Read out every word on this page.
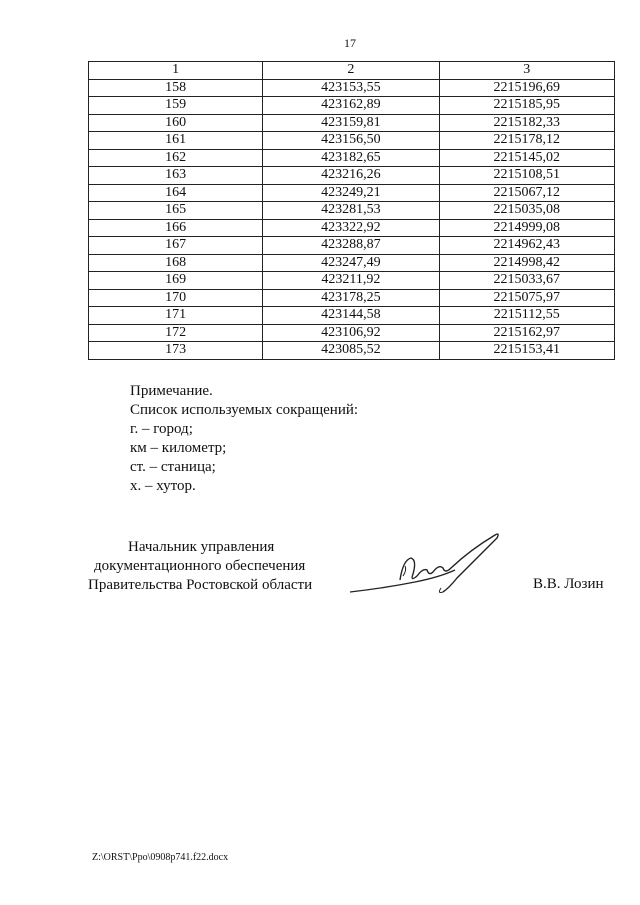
17
1	2	3
158	423153,55	2215196,69
159	423162,89	2215185,95
160	423159,81	2215182,33
161	423156,50	2215178,12
162	423182,65	2215145,02
163	423216,26	2215108,51
164	423249,21	2215067,12
165	423281,53	2215035,08
166	423322,92	2214999,08
167	423288,87	2214962,43
168	423247,49	2214998,42
169	423211,92	2215033,67
170	423178,25	2215075,97
171	423144,58	2215112,55
172	423106,92	2215162,97
173	423085,52	2215153,41
Примечание.
Список используемых сокращений:
г. – город;
км – километр;
ст. – станица;
х. – хутор.
Начальник управления
документационного обеспечения
Правительства Ростовской области	В.В. Лозин
Z:\ORST\Ppo\0908p741.f22.docx
